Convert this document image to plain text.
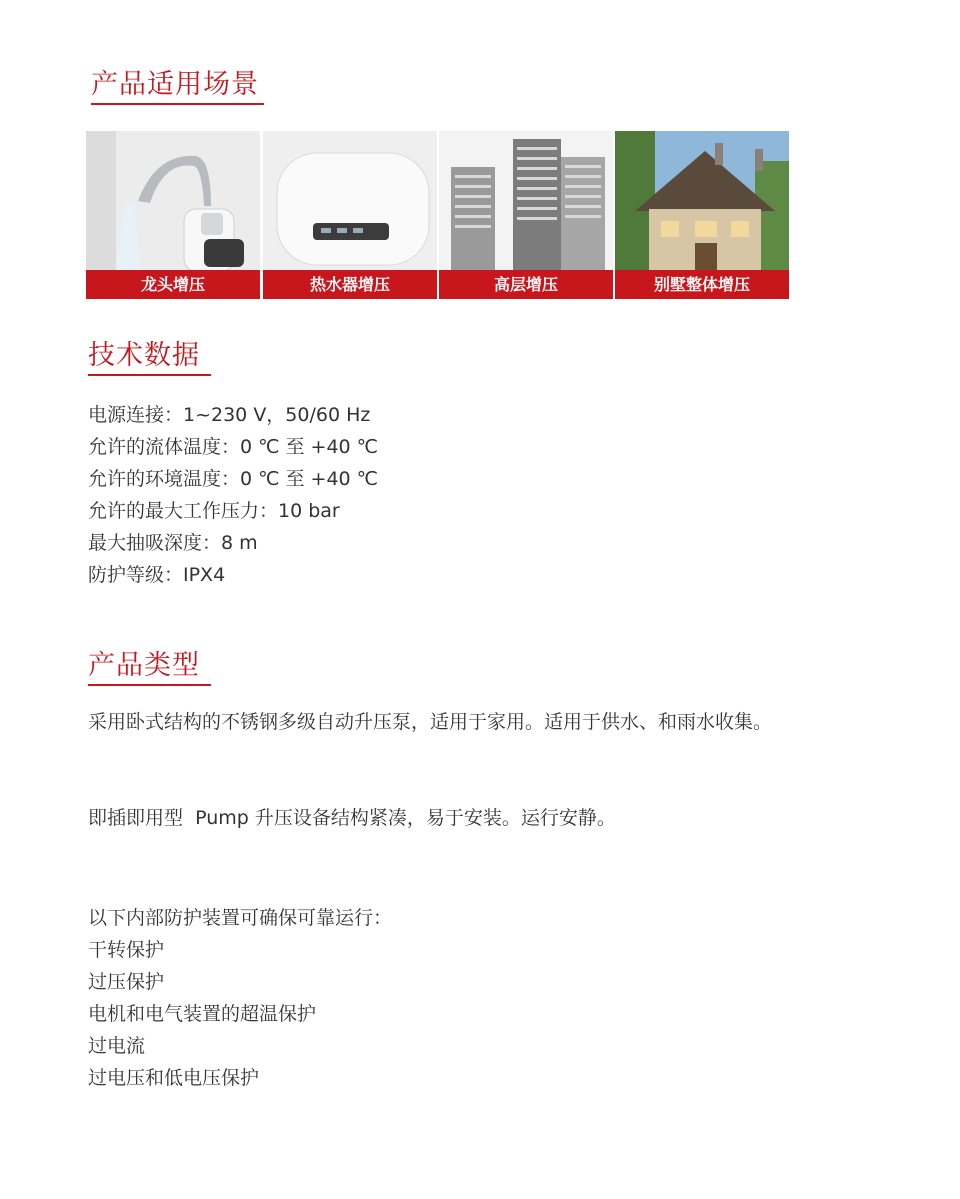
产品适用场景
龙头增压	热水器增压	高层增压	别墅整体增压
技术数据
电源连接：1~230 V，50/60 Hz
允许的流体温度：0 ℃ 至 +40 ℃
允许的环境温度：0 ℃ 至 +40 ℃
允许的最大工作压力：10 bar
最大抽吸深度：8 m
防护等级：IPX4
产品类型
采用卧式结构的不锈钢多级自动升压泵，适用于家用。适用于供水、和雨水收集。
即插即用型  Pump 升压设备结构紧凑，易于安装。运行安静。
以下内部防护装置可确保可靠运行：
干转保护
过压保护
电机和电气装置的超温保护
过电流
过电压和低电压保护
